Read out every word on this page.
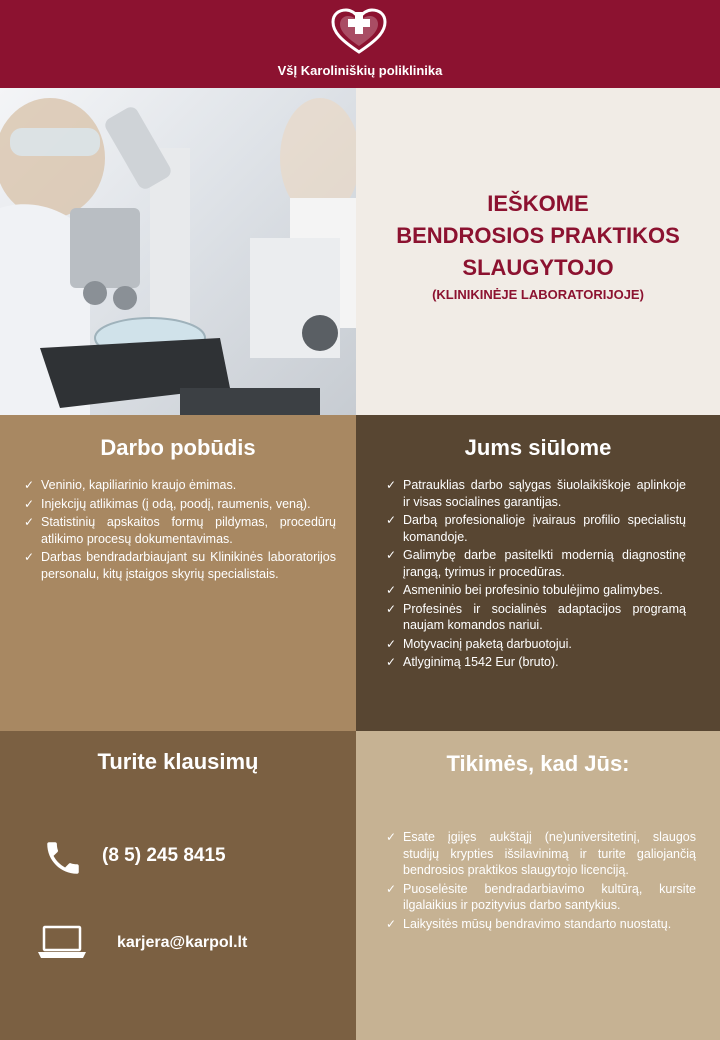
VšĮ Karoliniškių poliklinika
IEŠKOME
BENDROSIOS PRAKTIKOS
SLAUGYTOJO
(KLINIKINĖJE LABORATORIJOJE)
Darbo pobūdis
✓ Veninio, kapiliarinio kraujo ėmimas.
✓ Injekcijų atlikimas (į odą, poodį, raumenis, veną).
✓ Statistinių apskaitos formų pildymas, procedūrų atlikimo procesų dokumentavimas.
✓ Darbas bendradarbiaujant su Klinikinės laboratorijos personalu, kitų įstaigos skyrių specialistais.
Jums siūlome
✓ Patrauklias darbo sąlygas šiuolaikiškoje aplinkoje ir visas socialines garantijas.
✓ Darbą profesionalioje įvairaus profilio specialistų komandoje.
✓ Galimybę darbe pasitelkti modernią diagnostinę įrangą, tyrimus ir procedūras.
✓ Asmeninio bei profesinio tobulėjimo galimybes.
✓ Profesinės ir socialinės adaptacijos programą naujam komandos nariui.
✓ Motyvacinį paketą darbuotojui.
✓ Atlyginimą 1542 Eur (bruto).
Turite klausimų
(8 5) 245 8415
karjera@karpol.lt
Tikimės, kad Jūs:
✓ Esate įgijęs aukštąjį (ne)universitetinį, slaugos studijų krypties išsilavinimą ir turite galiojančią bendrosios praktikos slaugytojo licenciją.
✓ Puoselėsite bendradarbiavimo kultūrą, kursite ilgalaikius ir pozityvius darbo santykius.
✓ Laikysitės mūsų bendravimo standarto nuostatų.
